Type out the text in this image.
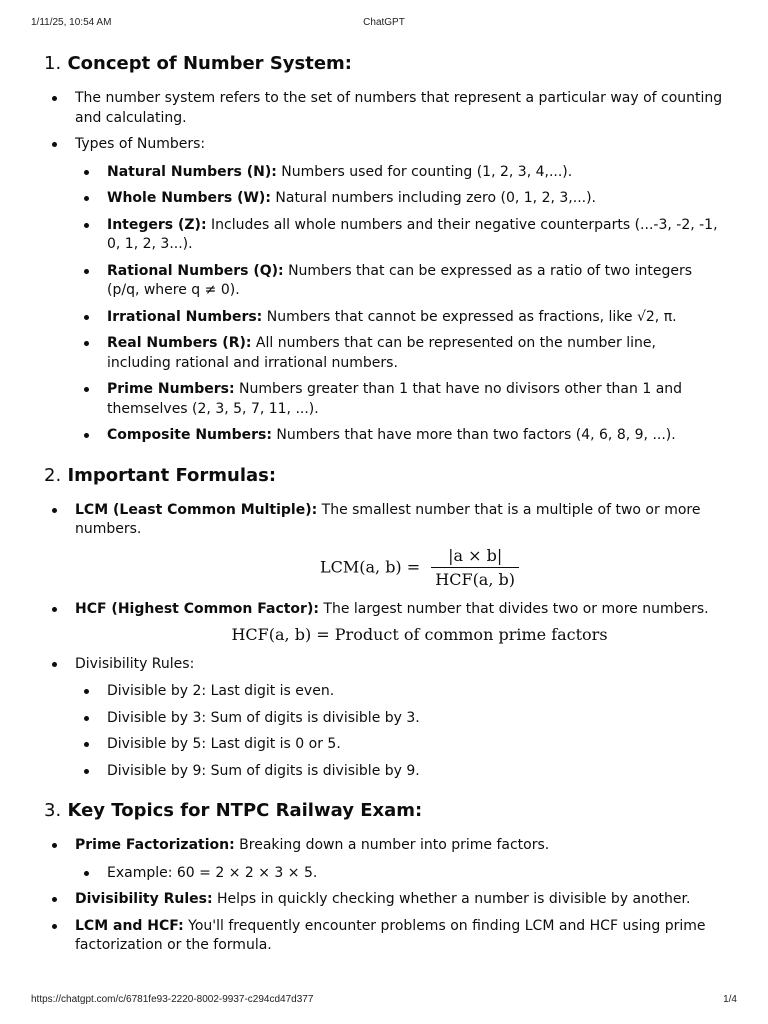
1/11/25, 10:54 AM	ChatGPT
1. Concept of Number System:
The number system refers to the set of numbers that represent a particular way of counting and calculating.
Types of Numbers:
Natural Numbers (N): Numbers used for counting (1, 2, 3, 4,...).
Whole Numbers (W): Natural numbers including zero (0, 1, 2, 3,...).
Integers (Z): Includes all whole numbers and their negative counterparts (...-3, -2, -1, 0, 1, 2, 3...).
Rational Numbers (Q): Numbers that can be expressed as a ratio of two integers (p/q, where q ≠ 0).
Irrational Numbers: Numbers that cannot be expressed as fractions, like √2, π.
Real Numbers (R): All numbers that can be represented on the number line, including rational and irrational numbers.
Prime Numbers: Numbers greater than 1 that have no divisors other than 1 and themselves (2, 3, 5, 7, 11, ...).
Composite Numbers: Numbers that have more than two factors (4, 6, 8, 9, ...).
2. Important Formulas:
LCM (Least Common Multiple): The smallest number that is a multiple of two or more numbers.
LCM(a, $b) = \frac{|a \times b|}{\text{HCF(a, b)}}$
HCF (Highest Common Factor): The largest number that divides two or more numbers.
HCF(a, b) = Product of common prime factors
Divisibility Rules:
Divisible by 2: Last digit is even.
Divisible by 3: Sum of digits is divisible by 3.
Divisible by 5: Last digit is 0 or 5.
Divisible by 9: Sum of digits is divisible by 9.
3. Key Topics for NTPC Railway Exam:
Prime Factorization: Breaking down a number into prime factors.
Example: 60 = 2 × 2 × 3 × 5.
Divisibility Rules: Helps in quickly checking whether a number is divisible by another.
LCM and HCF: You'll frequently encounter problems on finding LCM and HCF using prime factorization or the formula.
https://chatgpt.com/c/6781fe93-2220-8002-9937-c294cd47d377	1/4
